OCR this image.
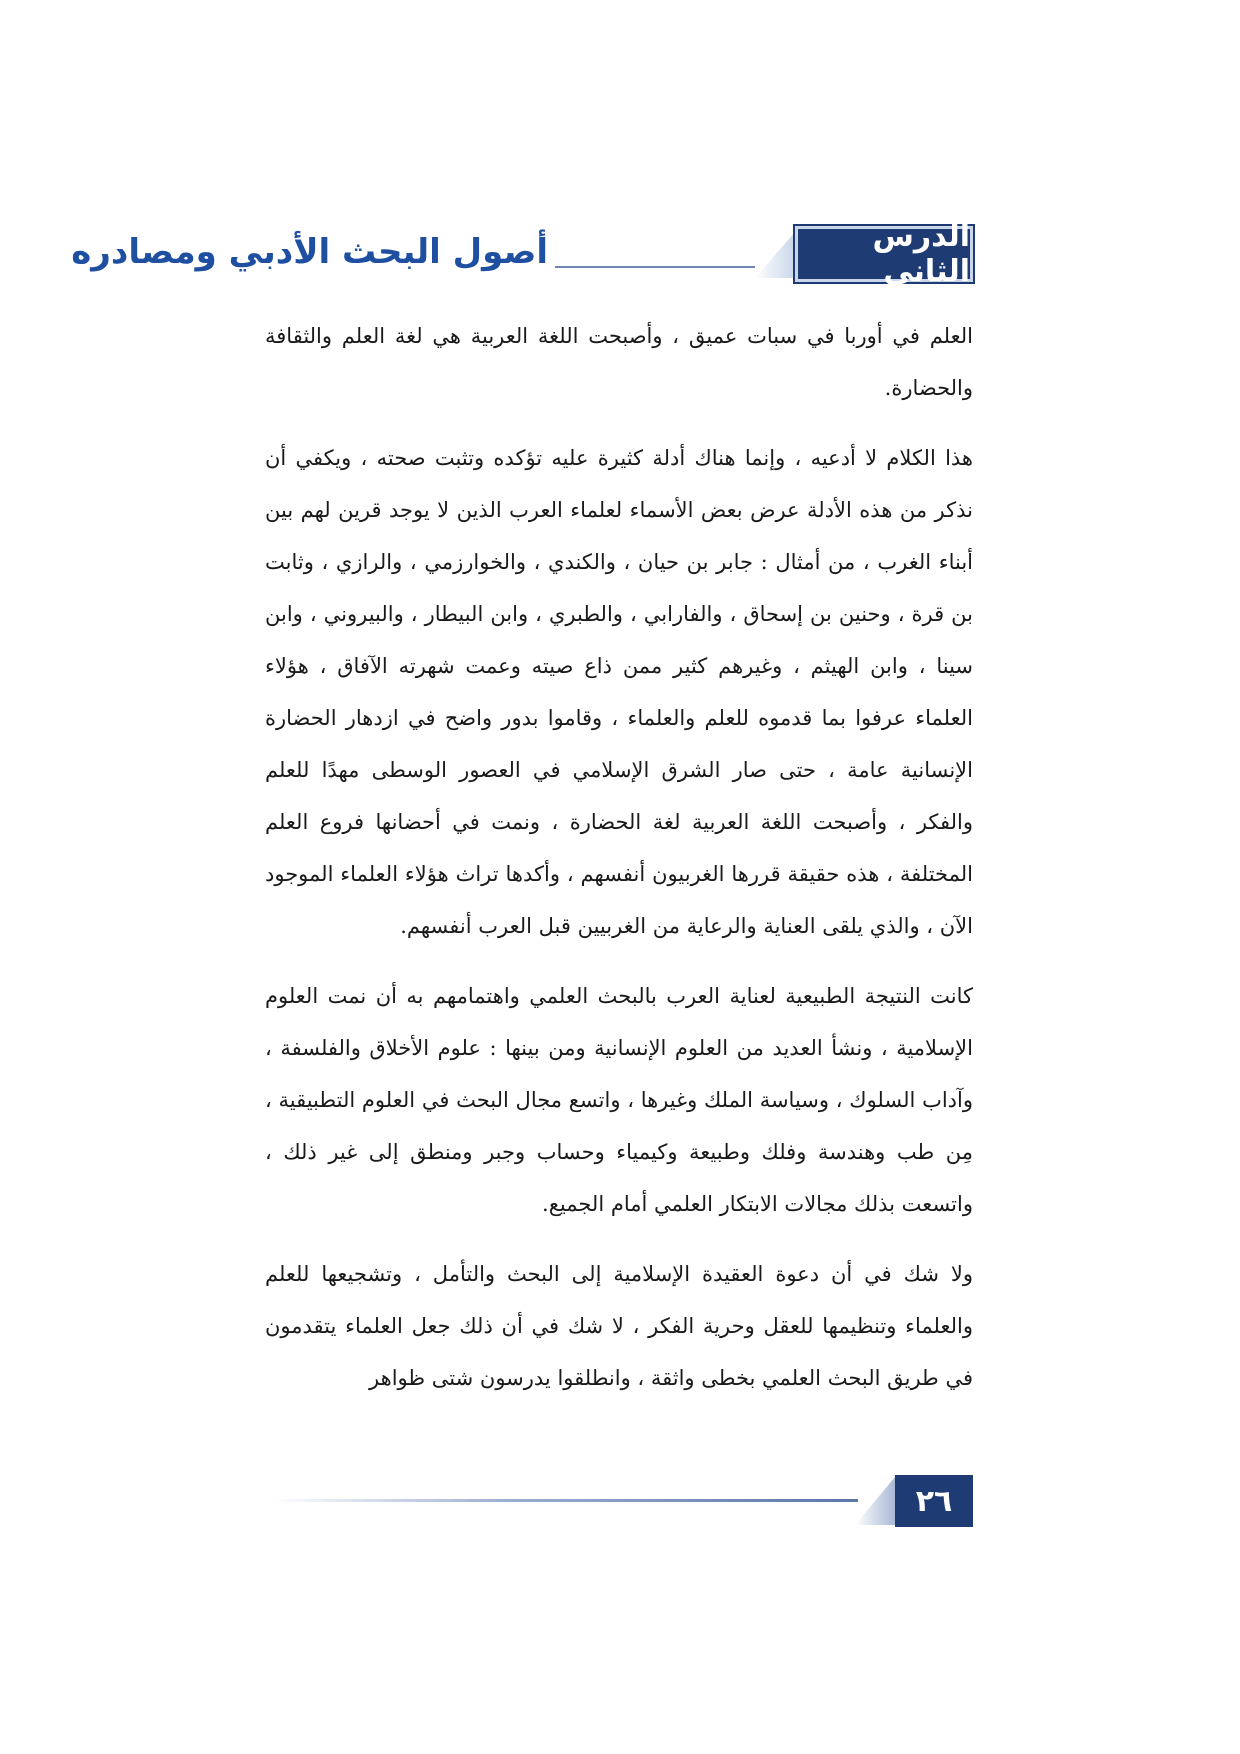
أصول البحث الأدبي ومصادره	الدرس الثاني

العلم في أوربا في سبات عميق ، وأصبحت اللغة العربية هي لغة العلم والثقافة والحضارة.

هذا الكلام لا أدعيه ، وإنما هناك أدلة كثيرة عليه تؤكده وتثبت صحته ، ويكفي أن نذكر من هذه الأدلة عرض بعض الأسماء لعلماء العرب الذين لا يوجد قرين لهم بين أبناء الغرب ، من أمثال : جابر بن حيان ، والكندي ، والخوارزمي ، والرازي ، وثابت بن قرة ، وحنين بن إسحاق ، والفارابي ، والطبري ، وابن البيطار ، والبيروني ، وابن سينا ، وابن الهيثم ، وغيرهم كثير ممن ذاع صيته وعمت شهرته الآفاق ، هؤلاء العلماء عرفوا بما قدموه للعلم والعلماء ، وقاموا بدور واضح في ازدهار الحضارة الإنسانية عامة ، حتى صار الشرق الإسلامي في العصور الوسطى مهدًا للعلم والفكر ، وأصبحت اللغة العربية لغة الحضارة ، ونمت في أحضانها فروع العلم المختلفة ، هذه حقيقة قررها الغربيون أنفسهم ، وأكدها تراث هؤلاء العلماء الموجود الآن ، والذي يلقى العناية والرعاية من الغربيين قبل العرب أنفسهم.

كانت النتيجة الطبيعية لعناية العرب بالبحث العلمي واهتمامهم به أن نمت العلوم الإسلامية ، ونشأ العديد من العلوم الإنسانية ومن بينها : علوم الأخلاق والفلسفة ، وآداب السلوك ، وسياسة الملك وغيرها ، واتسع مجال البحث في العلوم التطبيقية ، مِن طب وهندسة وفلك وطبيعة وكيمياء وحساب وجبر ومنطق إلى غير ذلك ، واتسعت بذلك مجالات الابتكار العلمي أمام الجميع.

ولا شك في أن دعوة العقيدة الإسلامية إلى البحث والتأمل ، وتشجيعها للعلم والعلماء وتنظيمها للعقل وحرية الفكر ، لا شك في أن ذلك جعل العلماء يتقدمون في طريق البحث العلمي بخطى واثقة ، وانطلقوا يدرسون شتى ظواهر

٢٦
